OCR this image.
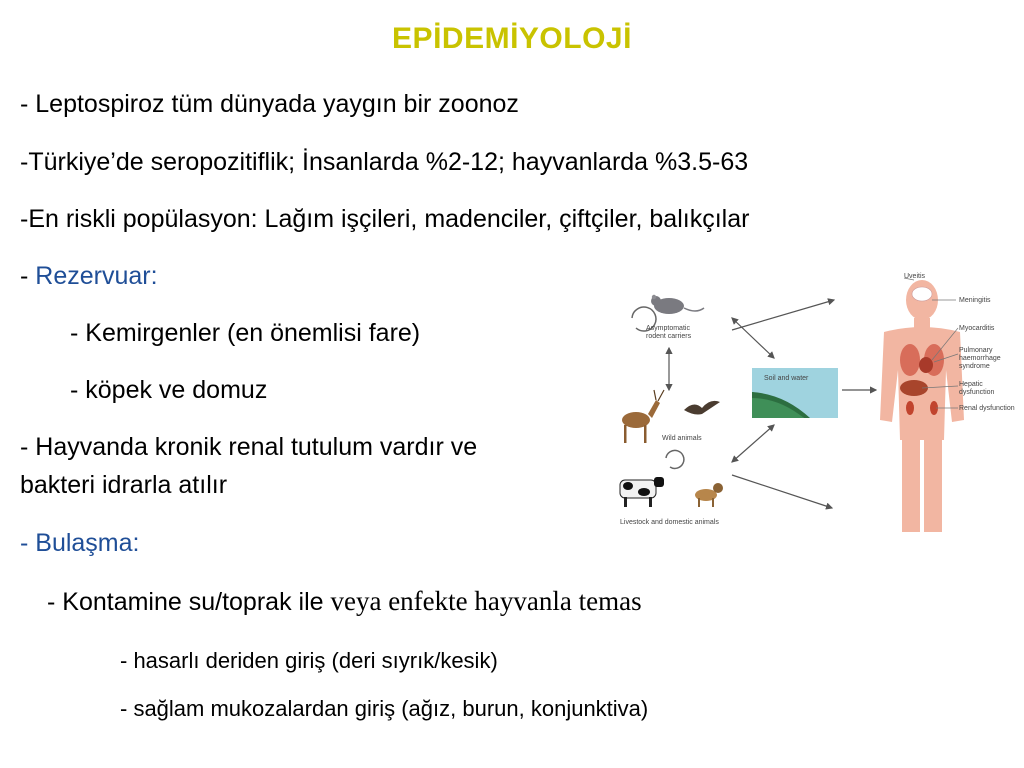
EPİDEMİYOLOJİ
- Leptospiroz tüm dünyada yaygın bir zoonoz
-Türkiye’de seropozitiflik; İnsanlarda %2-12; hayvanlarda %3.5-63
-En riskli popülasyon: Lağım işçileri, madenciler, çiftçiler, balıkçılar
- Rezervuar:
- Kemirgenler (en önemlisi fare)
- köpek ve domuz
- Hayvanda kronik renal tutulum vardır ve
bakteri idrarla atılır
- Bulaşma:
- Kontamine su/toprak ile veya enfekte hayvanla temas
- hasarlı deriden giriş (deri sıyrık/kesik)
- sağlam mukozalardan giriş (ağız, burun, konjunktiva)
Asymptomatic
rodent carriers
Wild animals
Livestock and domestic animals
Soil and water
Uveitis
Meningitis
Myocarditis
Pulmonary
haemorrhage
syndrome
Hepatic
dysfunction
Renal dysfunction
